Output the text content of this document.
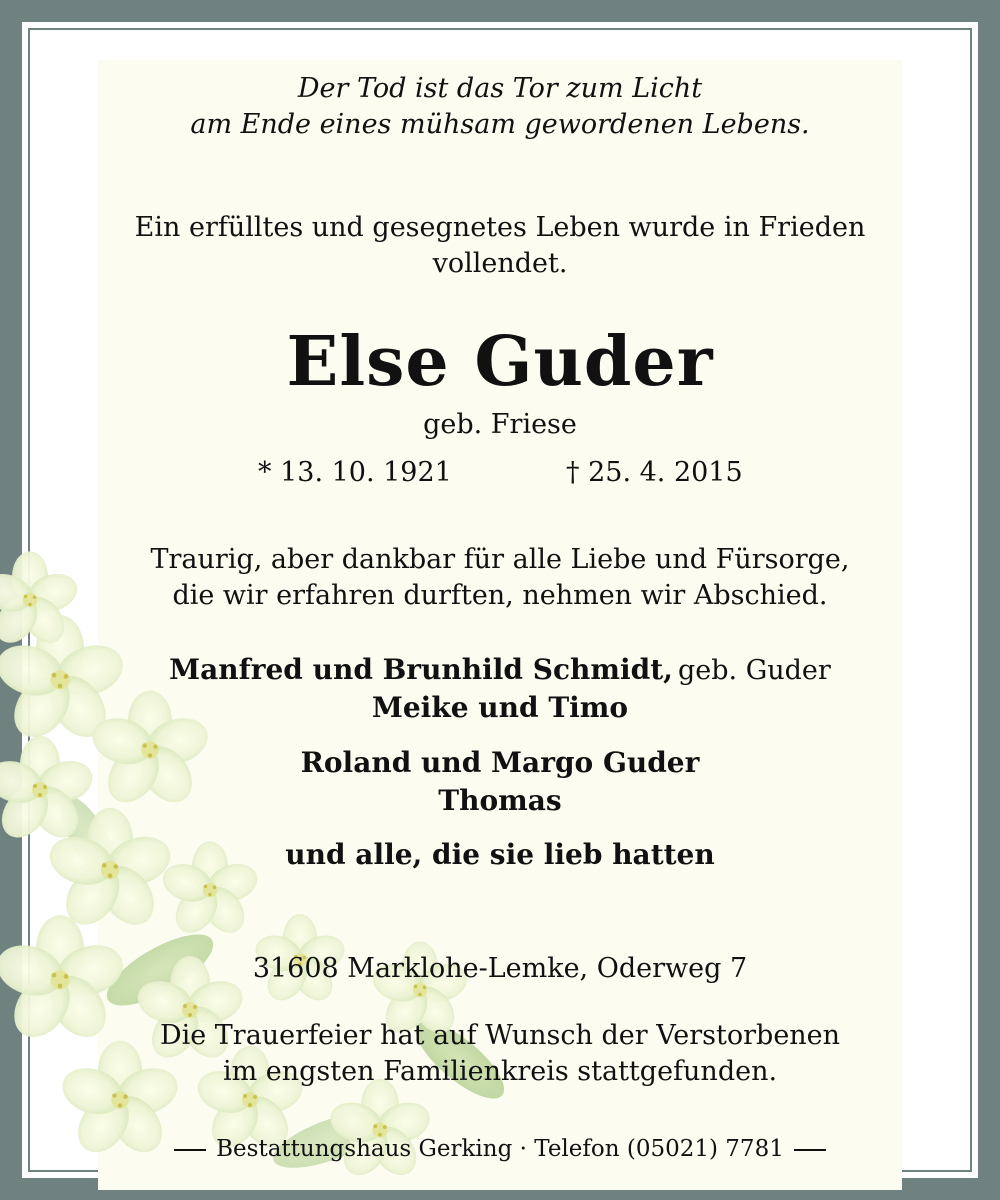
Der Tod ist das Tor zum Licht
am Ende eines mühsam gewordenen Lebens.
Ein erfülltes und gesegnetes Leben wurde in Frieden
vollendet.
Else Guder
geb. Friese
* 13. 10. 1921	† 25. 4. 2015
Traurig, aber dankbar für alle Liebe und Fürsorge,
die wir erfahren durften, nehmen wir Abschied.
Manfred und Brunhild Schmidt, geb. Guder
Meike und Timo
Roland und Margo Guder
Thomas
und alle, die sie lieb hatten
31608 Marklohe-Lemke, Oderweg 7
Die Trauerfeier hat auf Wunsch der Verstorbenen
im engsten Familienkreis stattgefunden.
Bestattungshaus Gerking · Telefon (05021) 7781
